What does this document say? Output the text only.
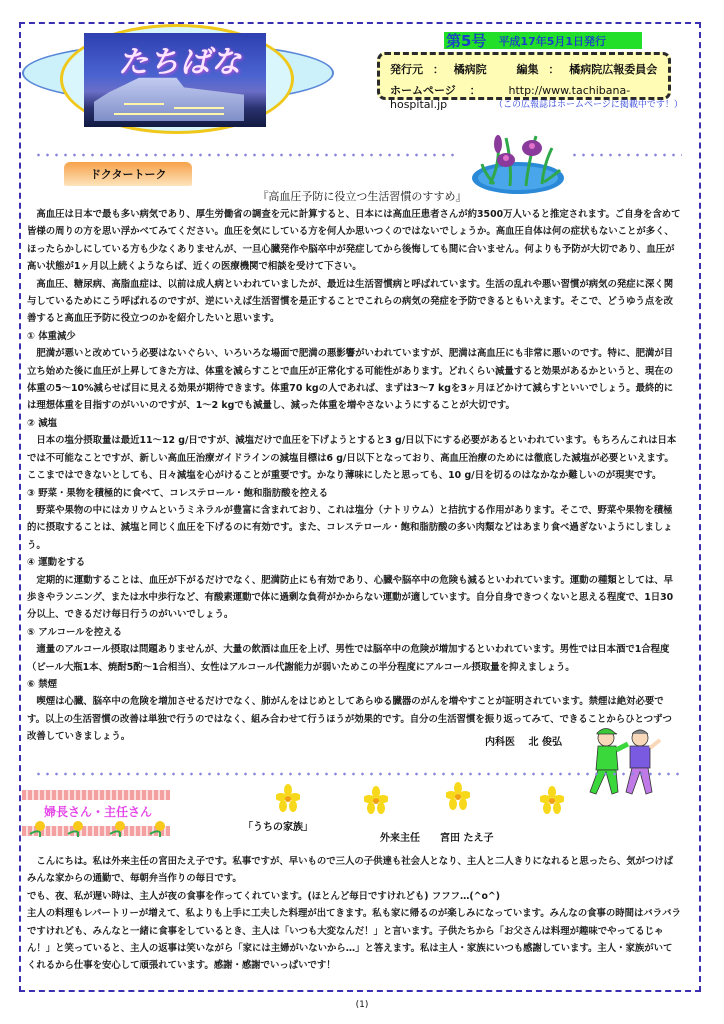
たちばな
第5号 平成17年5月1日発行
発行元 ： 橘病院	編集 ： 橘病院広報委員会
ホームページ ：	http://www.tachibana-hospital.jp	（この広報誌はホームページに掲載中です！）
ドクタートーク
『高血圧予防に役立つ生活習慣のすすめ』

高血圧は日本で最も多い病気であり、厚生労働省の調査を元に計算すると、日本には高血圧患者さんが約3500万人いると推定されます。ご自身を含めて皆様の周りの方を思い浮かべてみてください。血圧を気にしている方を何人か思いつくのではないでしょうか。高血圧自体は何の症状もないことが多く、ほったらかしにしている方も少なくありませんが、一旦心臓発作や脳卒中が発症してから後悔しても間に合いません。何よりも予防が大切であり、血圧が高い状態が1ヶ月以上続くようならば、近くの医療機関で相談を受けて下さい。

高血圧、糖尿病、高脂血症は、以前は成人病といわれていましたが、最近は生活習慣病と呼ばれています。生活の乱れや悪い習慣が病気の発症に深く関与しているためにこう呼ばれるのですが、逆にいえば生活習慣を是正することでこれらの病気の発症を予防できるともいえます。そこで、どうゆう点を改善すると高血圧予防に役立つのかを紹介したいと思います。

① 体重減少

肥満が悪いと改めていう必要はないぐらい、いろいろな場面で肥満の悪影響がいわれていますが、肥満は高血圧にも非常に悪いのです。特に、肥満が目立ち始めた後に血圧が上昇してきた方は、体重を減らすことで血圧が正常化する可能性があります。どれくらい減量すると効果があるかというと、現在の体重の5〜10%減らせば目に見える効果が期待できます。体重70 kgの人であれば、まずは3〜7 kgを3ヶ月ほどかけて減らすといいでしょう。最終的には理想体重を目指すのがいいのですが、1〜2 kgでも減量し、減った体重を増やさないようにすることが大切です。

② 減塩

日本の塩分摂取量は最近11〜12 g/日ですが、減塩だけで血圧を下げようとすると3 g/日以下にする必要があるといわれています。もちろんこれは日本では不可能なことですが、新しい高血圧治療ガイドラインの減塩目標は6 g/日以下となっており、高血圧治療のためには徹底した減塩が必要といえます。ここまではできないとしても、日々減塩を心がけることが重要です。かなり薄味にしたと思っても、10 g/日を切るのはなかなか難しいのが現実です。

③ 野菜・果物を積極的に食べて、コレステロール・飽和脂肪酸を控える

野菜や果物の中にはカリウムというミネラルが豊富に含まれており、これは塩分（ナトリウム）と拮抗する作用があります。そこで、野菜や果物を積極的に摂取することは、減塩と同じく血圧を下げるのに有効です。また、コレステロール・飽和脂肪酸の多い肉類などはあまり食べ過ぎないようにしましょう。

④ 運動をする

定期的に運動することは、血圧が下がるだけでなく、肥満防止にも有効であり、心臓や脳卒中の危険も減るといわれています。運動の種類としては、早歩きやランニング、または水中歩行など、有酸素運動で体に過剰な負荷がかからない運動が適しています。自分自身できつくないと思える程度で、1日30分以上、できるだけ毎日行うのがいいでしょう。

⑤ アルコールを控える

適量のアルコール摂取は問題ありませんが、大量の飲酒は血圧を上げ、男性では脳卒中の危険が増加するといわれています。男性では日本酒で1合程度（ビール大瓶1本、焼酎5酌〜1合相当）、女性はアルコール代謝能力が弱いためこの半分程度にアルコール摂取量を抑えましょう。

⑥ 禁煙

喫煙は心臓、脳卒中の危険を増加させるだけでなく、肺がんをはじめとしてあらゆる臓器のがんを増やすことが証明されています。禁煙は絶対必要です。以上の生活習慣の改善は単独で行うのではなく、組み合わせて行うほうが効果的です。自分の生活習慣を振り返ってみて、できることからひとつずつ改善していきましょう。

内科医　 北 俊弘
婦長さん・主任さん
「うちの家族」
外来主任　　宮田 たえ子

こんにちは。私は外来主任の宮田たえ子です。私事ですが、早いもので三人の子供達も社会人となり、主人と二人きりになれると思ったら、気がつけばみんな家からの通勤で、毎朝弁当作りの毎日です。

でも、夜、私が遅い時は、主人が夜の食事を作ってくれています。(ほとんど毎日ですけれども) フフフ…(^o^)

主人の料理もレパートリーが増えて、私よりも上手に工夫した料理が出てきます。私も家に帰るのが楽しみになっています。みんなの食事の時間はバラバラですけれども、みんなと一緒に食事をしているとき、主人は「いつも大変なんだ！」と言います。子供たちから「お父さんは料理が趣味でやってるじゃん！」と笑っていると、主人の返事は笑いながら「家には主婦がいないから…」と答えます。私は主人・家族にいつも感謝しています。主人・家族がいてくれるから仕事を安心して頑張れています。感謝・感謝でいっぱいです！

(1)
